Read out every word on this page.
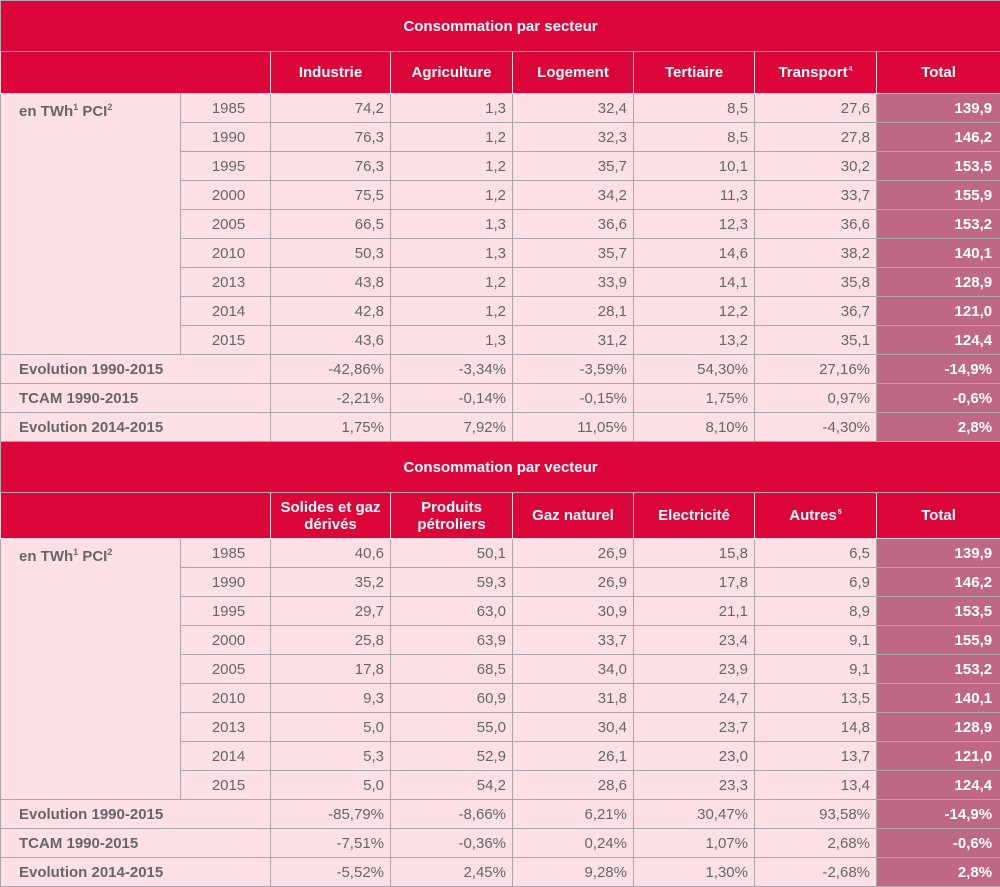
Consommation par secteur							
		Industrie	Agriculture	Logement	Tertiaire	Transport$^4$	Total
en TWh$^1$ PCI$^2$	1985	74,2	1,3	32,4	8,5	27,6	139,9
	1990	76,3	1,2	32,3	8,5	27,8	146,2
	1995	76,3	1,2	35,7	10,1	30,2	153,5
	2000	75,5	1,2	34,2	11,3	33,7	155,9
	2005	66,5	1,3	36,6	12,3	36,6	153,2
	2010	50,3	1,3	35,7	14,6	38,2	140,1
	2013	43,8	1,2	33,9	14,1	35,8	128,9
	2014	42,8	1,2	28,1	12,2	36,7	121,0
	2015	43,6	1,3	31,2	13,2	35,1	124,4
Evolution 1990-2015		-42,86%	-3,34%	-3,59%	54,30%	27,16%	-14,9%
TCAM 1990-2015		-2,21%	-0,14%	-0,15%	1,75%	0,97%	-0,6%
Evolution 2014-2015		1,75%	7,92%	11,05%	8,10%	-4,30%	2,8%
Consommation par vecteur							
		Solides et gaz dérivés	Produits pétroliers	Gaz naturel	Electricité	Autres$^5$	Total
en TWh$^1$ PCI$^2$	1985	40,6	50,1	26,9	15,8	6,5	139,9
	1990	35,2	59,3	26,9	17,8	6,9	146,2
	1995	29,7	63,0	30,9	21,1	8,9	153,5
	2000	25,8	63,9	33,7	23,4	9,1	155,9
	2005	17,8	68,5	34,0	23,9	9,1	153,2
	2010	9,3	60,9	31,8	24,7	13,5	140,1
	2013	5,0	55,0	30,4	23,7	14,8	128,9
	2014	5,3	52,9	26,1	23,0	13,7	121,0
	2015	5,0	54,2	28,6	23,3	13,4	124,4
Evolution 1990-2015		-85,79%	-8,66%	6,21%	30,47%	93,58%	-14,9%
TCAM 1990-2015		-7,51%	-0,36%	0,24%	1,07%	2,68%	-0,6%
Evolution 2014-2015		-5,52%	2,45%	9,28%	1,30%	-2,68%	2,8%
